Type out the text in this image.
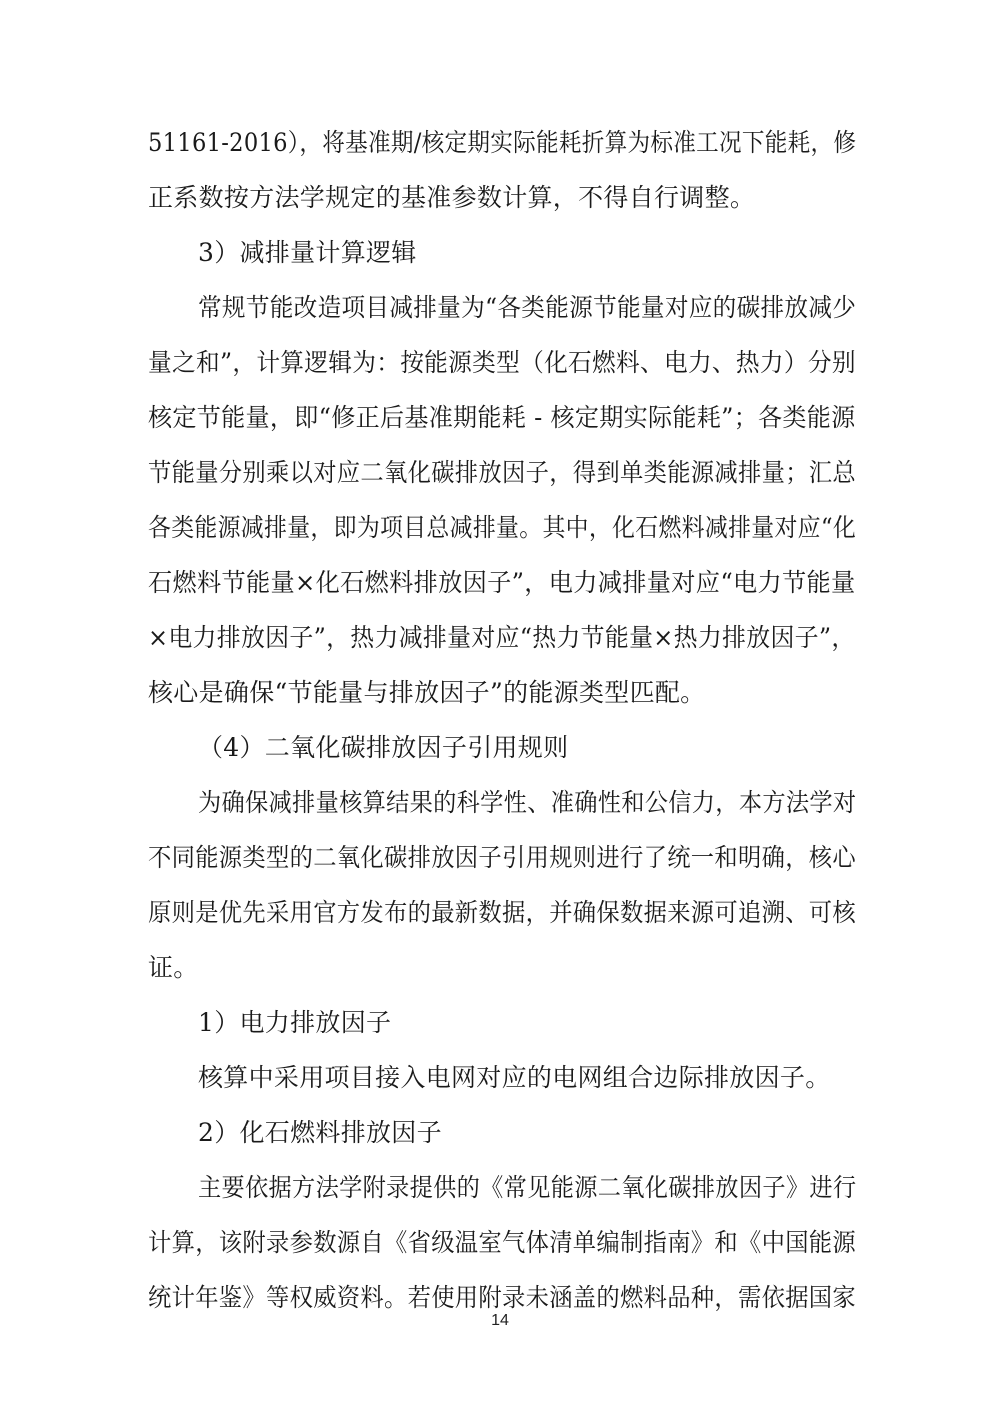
51161-2016），将基准期/核定期实际能耗折算为标准工况下能耗，修
正系数按方法学规定的基准参数计算，不得自行调整。
3）减排量计算逻辑
常规节能改造项目减排量为“各类能源节能量对应的碳排放减少
量之和”，计算逻辑为：按能源类型（化石燃料、电力、热力）分别
核定节能量，即“修正后基准期能耗 - 核定期实际能耗”；各类能源
节能量分别乘以对应二氧化碳排放因子，得到单类能源减排量；汇总
各类能源减排量，即为项目总减排量。其中，化石燃料减排量对应“化
石燃料节能量×化石燃料排放因子”，电力减排量对应“电力节能量
×电力排放因子”，热力减排量对应“热力节能量×热力排放因子”，
核心是确保“节能量与排放因子”的能源类型匹配。
（4）二氧化碳排放因子引用规则
为确保减排量核算结果的科学性、准确性和公信力，本方法学对
不同能源类型的二氧化碳排放因子引用规则进行了统一和明确，核心
原则是优先采用官方发布的最新数据，并确保数据来源可追溯、可核
证。
1）电力排放因子
核算中采用项目接入电网对应的电网组合边际排放因子。
2）化石燃料排放因子
主要依据方法学附录提供的《常见能源二氧化碳排放因子》进行
计算，该附录参数源自《省级温室气体清单编制指南》和《中国能源
统计年鉴》等权威资料。若使用附录未涵盖的燃料品种，需依据国家
14
